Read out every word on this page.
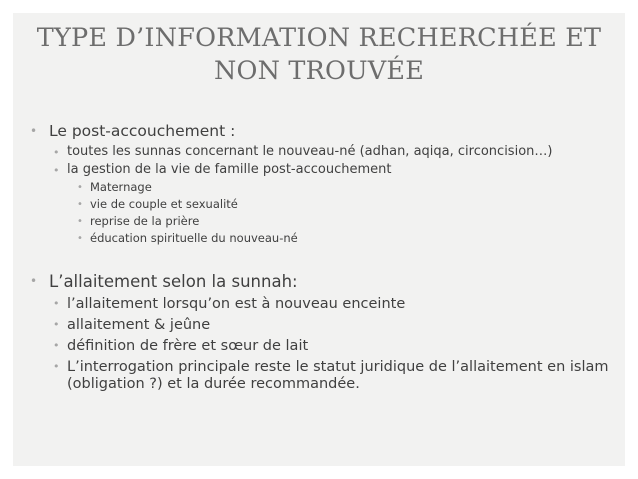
TYPE D’INFORMATION RECHERCHÉE ET
NON TROUVÉE
• Le post-accouchement :
• toutes les sunnas concernant le nouveau-né (adhan, aqiqa, circoncision…)
• la gestion de la vie de famille post-accouchement
• Maternage
• vie de couple et sexualité
• reprise de la prière
• éducation spirituelle du nouveau-né
• L’allaitement selon la sunnah:
• l’allaitement lorsqu’on est à nouveau enceinte
• allaitement & jeûne
• définition de frère et sœur de lait
• L’interrogation principale reste le statut juridique de l’allaitement en islam (obligation ?) et la durée recommandée.
